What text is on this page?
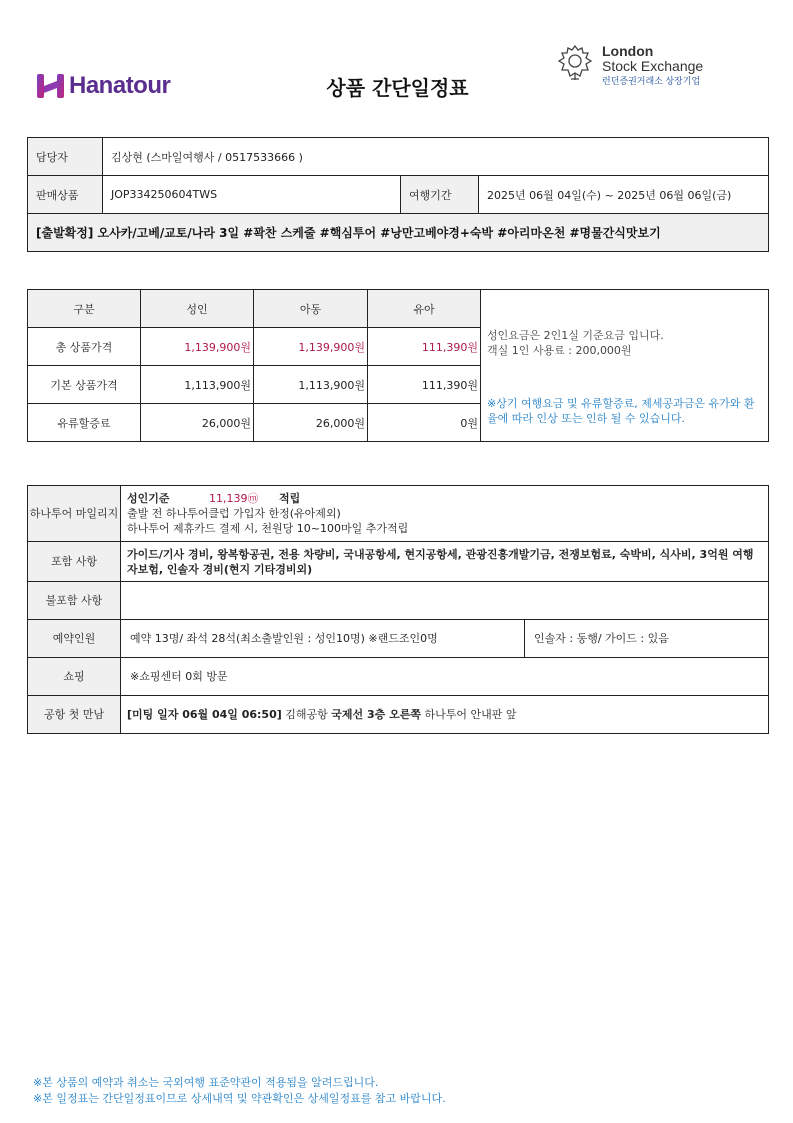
Hanatour	상품 간단일정표
London
Stock Exchange
런던증권거래소 상장기업
담당자	김상현 (스마일여행사 / 0517533666 )		
판매상품	JOP334250604TWS	여행기간	2025년 06월 04일(수) ~ 2025년 06월 06일(금)
[출발확정] 오사카/고베/교토/나라 3일 #꽉찬 스케줄 #핵심투어 #낭만고베야경+숙박 #아리마온천 #명물간식맛보기			
구분	성인	아동	유아	성인요금은 2인1실 기준요금 입니다.
객실 1인 사용료 : 200,000원
※상기 여행요금 및 유류할증료, 제세공과금은 유가와 환율에 따라 인상 또는 인하 될 수 있습니다.

총 상품가격	1,139,900원	1,139,900원	111,390원	
기본 상품가격	1,113,900원	1,113,900원	111,390원	
유류할증료	26,000원	26,000원	0원	
하나투어 마일리지	성인기준 11,139ⓜ 적립
출발 전 하나투어클럽 가입자 한정(유아제외)
하나투어 제휴카드 결제 시, 천원당 10~100마일 추가적립	

포함 사항	가이드/기사 경비, 왕복항공권, 전용 차량비, 국내공항세, 현지공항세, 관광진흥개발기금, 전쟁보험료, 숙박비, 식사비, 3억원 여행자보험, 인솔자 경비(현지 기타경비외)	
불포함 사항		
예약인원	예약 13명/ 좌석 28석(최소출발인원 : 성인10명) ※랜드조인0명	인솔자 : 동행/ 가이드 : 있음
쇼핑	※쇼핑센터 0회 방문	
공항 첫 만남	[미팅 일자 06월 04일 06:50] 김해공항 국제선 3층 오른쪽 하나투어 안내판 앞	
※본 상품의 예약과 취소는 국외여행 표준약관이 적용됨을 알려드립니다.
※본 일정표는 간단일정표이므로 상세내역 및 약관확인은 상세일정표를 참고 바랍니다.
